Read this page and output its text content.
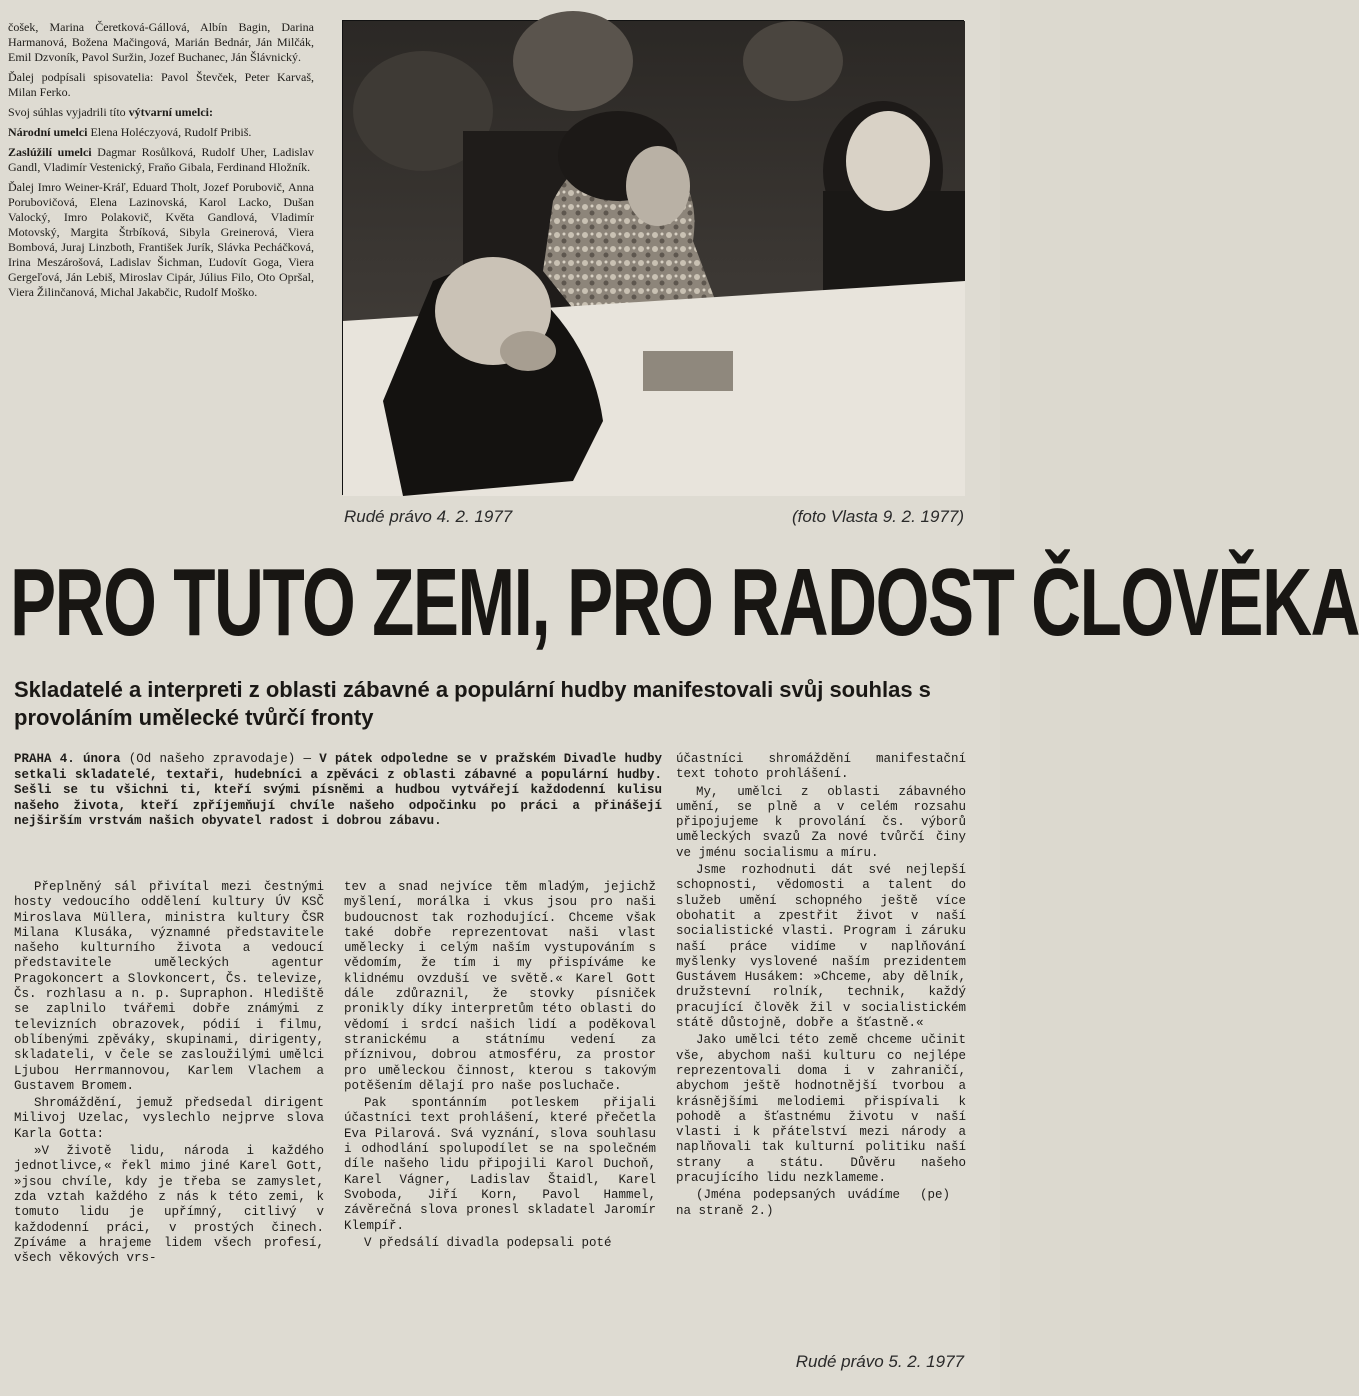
čošek, Marina Čeretková-Gállová, Albín Bagin, Darina Harmanová, Božena Mačingová, Marián Bednár, Ján Milčák, Emil Dzvoník, Pavol Suržin, Jozef Buchanec, Ján Šlávnický.

Ďalej podpísali spisovatelia: Pavol Števček, Peter Karvaš, Milan Ferko.

Svoj súhlas vyjadrili títo výtvarní umelci:

Národní umelci Elena Holéczyová, Rudolf Pribiš.

Zaslúžilí umelci Dagmar Rosůlková, Rudolf Uher, Ladislav Gandl, Vladimír Vestenický, Fraňo Gibala, Ferdinand Hložník.

Ďalej Imro Weiner-Kráľ, Eduard Tholt, Jozef Porubovič, Anna Porubovičová, Elena Lazinovská, Karol Lacko, Dušan Valocký, Imro Polakovič, Květa Gandlová, Vladimír Motovský, Margita Štrbíková, Sibyla Greinerová, Viera Bombová, Juraj Linzboth, František Jurík, Slávka Pecháčková, Irina Meszárošová, Ladislav Šichman, Ľudovít Goga, Viera Gergeľová, Ján Lebiš, Miroslav Cipár, Július Filo, Oto Opršal, Viera Žilinčanová, Michal Jakabčic, Rudolf Moško.

Rudé právo 4. 2. 1977	(foto Vlasta 9. 2. 1977)
PRO TUTO ZEMI, PRO RADOST ČLOVĚKA
Skladatelé a interpreti z oblasti zábavné a populární hudby manifestovali svůj souhlas s provoláním umělecké tvůrčí fronty
PRAHA 4. února (Od našeho zpravodaje) — V pátek odpoledne se v pražském Divadle hudby setkali skladatelé, textaři, hudebníci a zpěváci z oblasti zábavné a populární hudby. Sešli se tu všichni ti, kteří svými písněmi a hudbou vytvářejí každodenní kulisu našeho života, kteří zpříjemňují chvíle našeho odpočinku po práci a přinášejí nejširším vrstvám našich obyvatel radost i dobrou zábavu.

Přeplněný sál přivítal mezi čestnými hosty vedoucího oddělení kultury ÚV KSČ Miroslava Müllera, ministra kultury ČSR Milana Klusáka, významné představitele našeho kulturního života a vedoucí představitele uměleckých agentur Pragokoncert a Slovkoncert, Čs. televize, Čs. rozhlasu a n. p. Supraphon. Hlediště se zaplnilo tvářemi dobře známými z televizních obrazovek, pódií i filmu, oblíbenými zpěváky, skupinami, dirigenty, skladateli, v čele se zasloužilými umělci Ljubou Herrmannovou, Karlem Vlachem a Gustavem Bromem.

Shromáždění, jemuž předsedal dirigent Milivoj Uzelac, vyslechlo nejprve slova Karla Gotta:

»V životě lidu, národa i každého jednotlivce,« řekl mimo jiné Karel Gott, »jsou chvíle, kdy je třeba se zamyslet, zda vztah každého z nás k této zemi, k tomuto lidu je upřímný, citlivý v každodenní práci, v prostých činech. Zpíváme a hrajeme lidem všech profesí, všech věkových vrs-

tev a snad nejvíce těm mladým, jejichž myšlení, morálka i vkus jsou pro naši budoucnost tak rozhodující. Chceme však také dobře reprezentovat naši vlast umělecky i celým naším vystupováním s vědomím, že tím i my přispíváme ke klidnému ovzduší ve světě.« Karel Gott dále zdůraznil, že stovky písniček pronikly díky interpretům této oblasti do vědomí i srdcí našich lidí a poděkoval stranickému a státnímu vedení za příznivou, dobrou atmosféru, za prostor pro uměleckou činnost, kterou s takovým potěšením dělají pro naše posluchače.

Pak spontánním potleskem přijali účastníci text prohlášení, které přečetla Eva Pilarová. Svá vyznání, slova souhlasu i odhodlání spolupodílet se na společném díle našeho lidu připojili Karol Duchoň, Karel Vágner, Ladislav Štaidl, Karel Svoboda, Jiří Korn, Pavol Hammel, závěrečná slova pronesl skladatel Jaromír Klempíř.

V předsálí divadla podepsali poté

účastníci shromáždění manifestační text tohoto prohlášení.

My, umělci z oblasti zábavného umění, se plně a v celém rozsahu připojujeme k provolání čs. výborů uměleckých svazů Za nové tvůrčí činy ve jménu socialismu a míru.

Jsme rozhodnuti dát své nejlepší schopnosti, vědomosti a talent do služeb umění schopného ještě více obohatit a zpestřit život v naší socialistické vlasti. Program i záruku naší práce vidíme v naplňování myšlenky vyslovené naším prezidentem Gustávem Husákem: »Chceme, aby dělník, družstevní rolník, technik, každý pracující člověk žil v socialistickém státě důstojně, dobře a šťastně.«

Jako umělci této země chceme učinit vše, abychom naši kulturu co nejlépe reprezentovali doma i v zahraničí, abychom ještě hodnotnější tvorbou a krásnějšími melodiemi přispívali k pohodě a šťastnému životu v naší vlasti i k přátelství mezi národy a naplňovali tak kulturní politiku naší strany a státu. Důvěru našeho pracujícího lidu nezklameme.

(Jména podepsaných uvádíme na straně 2.)
(pe)

Rudé právo 5. 2. 1977
